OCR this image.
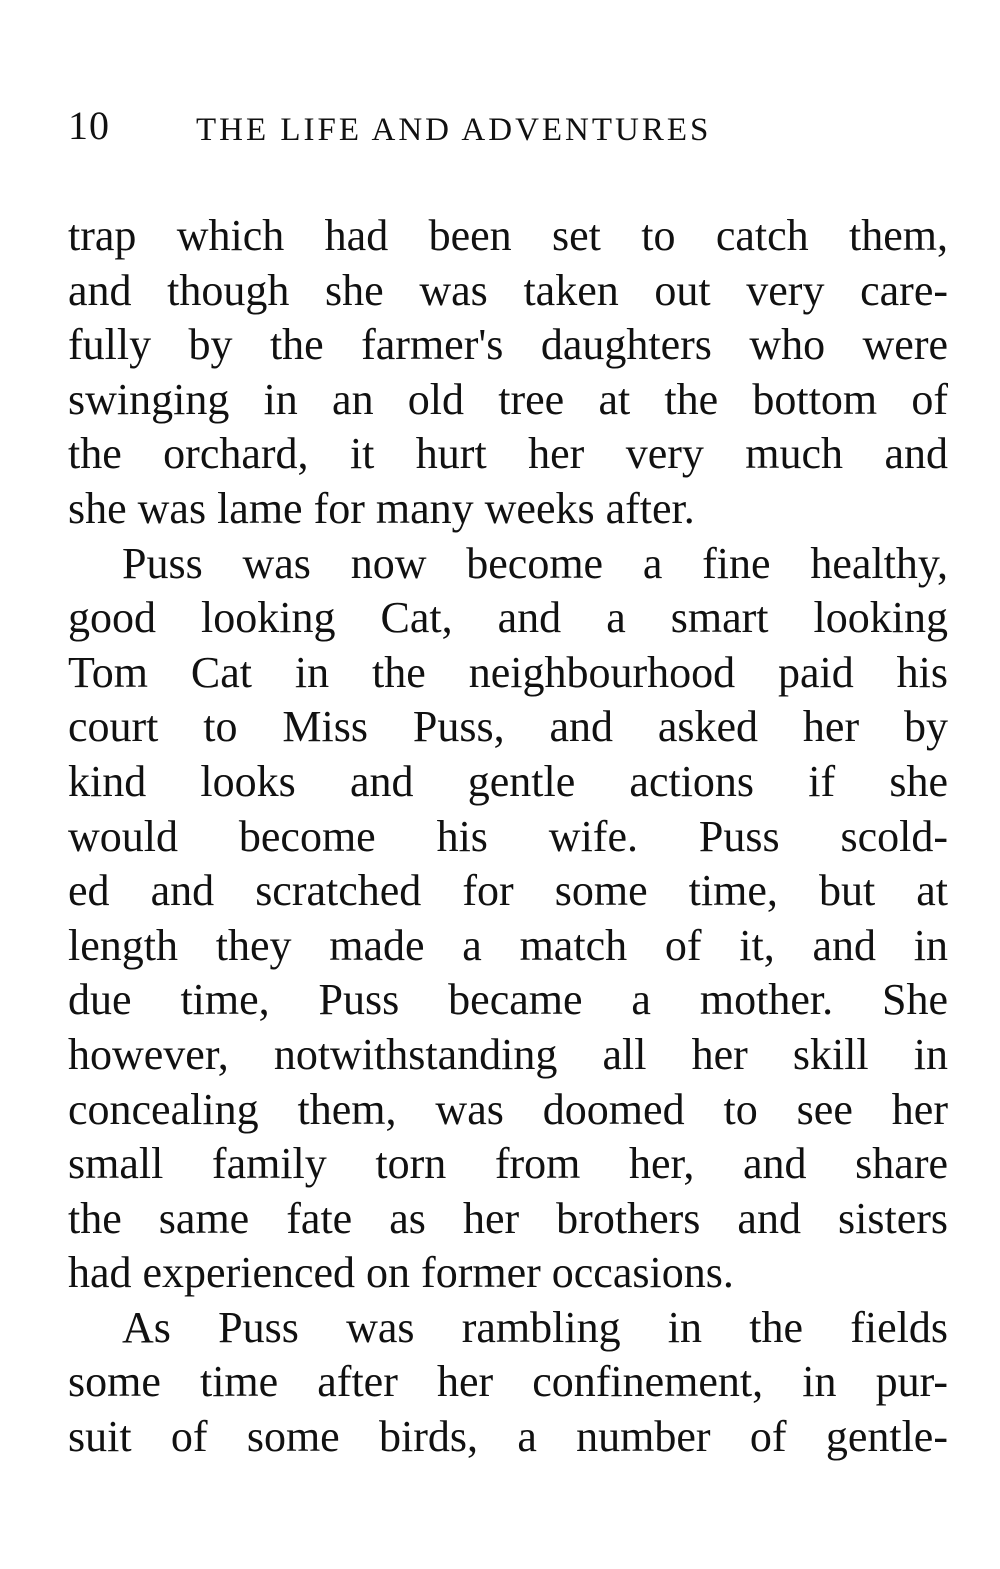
10	THE LIFE AND ADVENTURES
trap which had been set to catch them,
and though she was taken out very care-
fully by the farmer's daughters who were
swinging in an old tree at the bottom of
the orchard, it hurt her very much and
she was lame for many weeks after.
Puss was now become a fine healthy,
good looking Cat, and a smart looking
Tom Cat in the neighbourhood paid his
court to Miss Puss, and asked her by
kind looks and gentle actions if she
would become his wife. Puss scold-
ed and scratched for some time, but at
length they made a match of it, and in
due time, Puss became a mother. She
however, notwithstanding all her skill in
concealing them, was doomed to see her
small family torn from her, and share
the same fate as her brothers and sisters
had experienced on former occasions.
As Puss was rambling in the fields
some time after her confinement, in pur-
suit of some birds, a number of gentle-
